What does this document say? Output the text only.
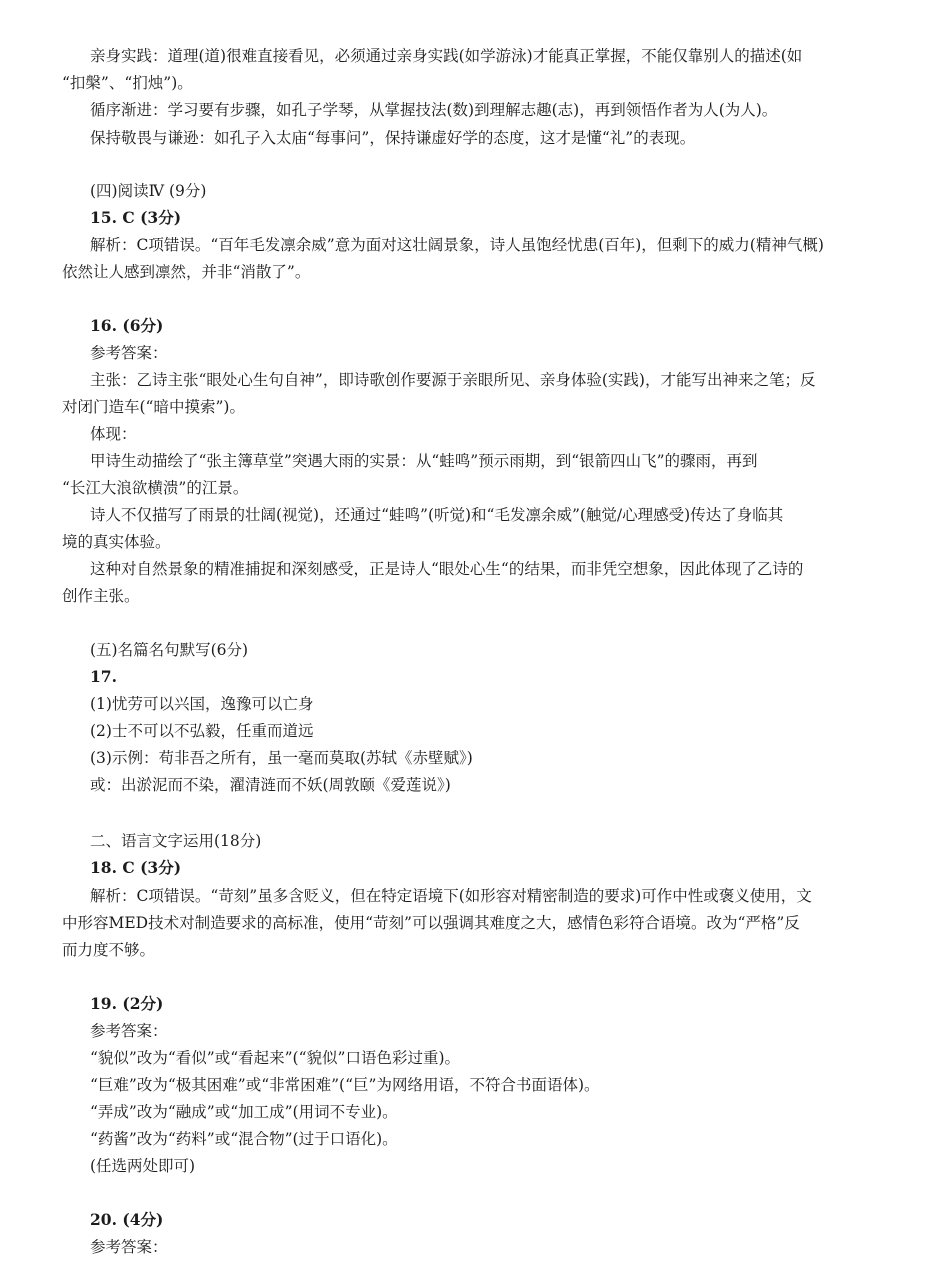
亲身实践：道理(道)很难直接看见，必须通过亲身实践(如学游泳)才能真正掌握，不能仅靠别人的描述(如
“扣槃”、“扪烛”)。
循序渐进：学习要有步骤，如孔子学琴，从掌握技法(数)到理解志趣(志)，再到领悟作者为人(为人)。
保持敬畏与谦逊：如孔子入太庙“每事问”，保持谦虚好学的态度，这才是懂“礼”的表现。
(四)阅读Ⅳ (9分)
15. C (3分)
解析：C项错误。“百年毛发凛余威”意为面对这壮阔景象，诗人虽饱经忧患(百年)，但剩下的威力(精神气概)
依然让人感到凛然，并非“消散了”。
16. (6分)
参考答案：
主张：乙诗主张“眼处心生句自神”，即诗歌创作要源于亲眼所见、亲身体验(实践)，才能写出神来之笔；反
对闭门造车(“暗中摸索”)。
体现：
甲诗生动描绘了“张主簿草堂”突遇大雨的实景：从“蛙鸣”预示雨期，到“银箭四山飞”的骤雨，再到
“长江大浪欲横溃”的江景。
诗人不仅描写了雨景的壮阔(视觉)，还通过“蛙鸣”(听觉)和“毛发凛余威”(触觉/心理感受)传达了身临其
境的真实体验。
这种对自然景象的精准捕捉和深刻感受，正是诗人“眼处心生“的结果，而非凭空想象，因此体现了乙诗的
创作主张。
(五)名篇名句默写(6分)
17.
(1)忧劳可以兴国，逸豫可以亡身
(2)士不可以不弘毅，任重而道远
(3)示例：苟非吾之所有，虽一毫而莫取(苏轼《赤壁赋》)
或：出淤泥而不染，濯清涟而不妖(周敦颐《爱莲说》)
二、语言文字运用(18分)
18. C (3分)
解析：C项错误。“苛刻”虽多含贬义，但在特定语境下(如形容对精密制造的要求)可作中性或褒义使用，文
中形容MED技术对制造要求的高标准，使用“苛刻”可以强调其难度之大，感情色彩符合语境。改为“严格”反
而力度不够。
19. (2分)
参考答案：
“貌似”改为“看似”或“看起来”(“貌似”口语色彩过重)。
“巨难”改为“极其困难”或“非常困难”(“巨”为网络用语，不符合书面语体)。
“弄成”改为“融成”或“加工成”(用词不专业)。
“药酱”改为“药料”或“混合物”(过于口语化)。
(任选两处即可)
20. (4分)
参考答案：
